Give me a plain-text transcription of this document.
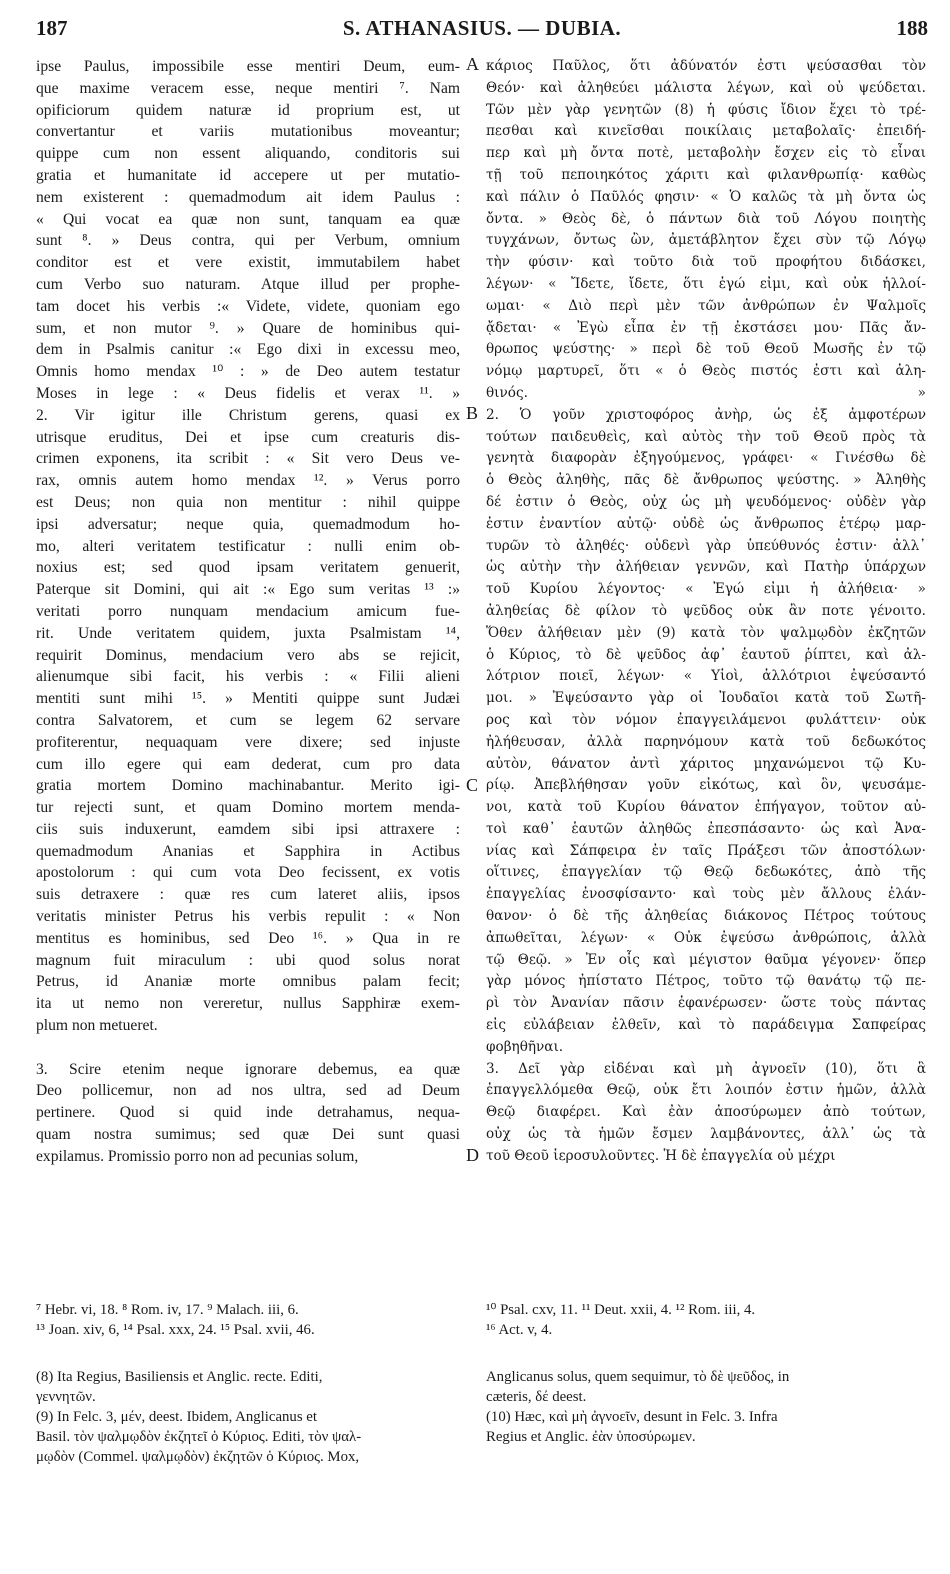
187	S. ATHANASIUS. — DUBIA.	188
ipse Paulus, impossibile esse mentiri Deum, eum-
que maxime veracem esse, neque mentiri ⁷. Nam
opificiorum quidem naturæ id proprium est, ut
convertantur et variis mutationibus moveantur;
quippe cum non essent aliquando, conditoris sui
gratia et humanitate id accepere ut per mutatio-
nem existerent : quemadmodum ait idem Paulus :
« Qui vocat ea quæ non sunt, tanquam ea quæ
sunt ⁸. » Deus contra, qui per Verbum, omnium
conditor est et vere existit, immutabilem habet
cum Verbo suo naturam. Atque illud per prophe-
tam docet his verbis :« Videte, videte, quoniam ego
sum, et non mutor ⁹. » Quare de hominibus qui-
dem in Psalmis canitur :« Ego dixi in excessu meo,
Omnis homo mendax ¹⁰ : » de Deo autem testatur
Moses in lege : « Deus fidelis et verax ¹¹. »
2. Vir igitur ille Christum gerens, quasi ex
utrisque eruditus, Dei et ipse cum creaturis dis-
crimen exponens, ita scribit : « Sit vero Deus ve-
rax, omnis autem homo mendax ¹². » Verus porro
est Deus; non quia non mentitur : nihil quippe
ipsi adversatur; neque quia, quemadmodum ho-
mo, alteri veritatem testificatur : nulli enim ob-
noxius est; sed quod ipsam veritatem genuerit,
Paterque sit Domini, qui ait :« Ego sum veritas ¹³ :»
veritati porro nunquam mendacium amicum fue-
rit. Unde veritatem quidem, juxta Psalmistam ¹⁴,
requirit Dominus, mendacium vero abs se rejicit,
alienumque sibi facit, his verbis : « Filii alieni
mentiti sunt mihi ¹⁵. » Mentiti quippe sunt Judæi
contra Salvatorem, et cum se legem 62 servare
profiterentur, nequaquam vere dixere; sed injuste
cum illo egere qui eam dederat, cum pro data
gratia mortem Domino machinabantur. Merito igi-
tur rejecti sunt, et quam Domino mortem menda-
ciis suis induxerunt, eamdem sibi ipsi attraxere :
quemadmodum Ananias et Sapphira in Actibus
apostolorum : qui cum vota Deo fecissent, ex votis
suis detraxere : quæ res cum lateret aliis, ipsos
veritatis minister Petrus his verbis repulit : « Non
mentitus es hominibus, sed Deo ¹⁶. » Qua in re
magnum fuit miraculum : ubi quod solus norat
Petrus, id Ananiæ morte omnibus palam fecit;
ita ut nemo non vereretur, nullus Sapphiræ exem-
plum non metueret.
3. Scire etenim neque ignorare debemus, ea quæ
Deo pollicemur, non ad nos ultra, sed ad Deum
pertinere. Quod si quid inde detrahamus, nequa-
quam nostra sumimus; sed quæ Dei sunt quasi
expilamus. Promissio porro non ad pecunias solum,
κάριος Παῦλος, ὅτι ἀδύνατόν ἐστι ψεύσασθαι τὸν
Θεόν· καὶ ἀληθεύει μάλιστα λέγων, καὶ οὐ ψεύδεται.
Τῶν μὲν γὰρ γενητῶν (8) ἡ φύσις ἴδιον ἔχει τὸ τρέ-
πεσθαι καὶ κινεῖσθαι ποικίλαις μεταβολαῖς· ἐπειδή-
περ καὶ μὴ ὄντα ποτὲ, μεταβολὴν ἔσχεν εἰς τὸ εἶναι
τῇ τοῦ πεποιηκότος χάριτι καὶ φιλανθρωπίᾳ· καθὼς
καὶ πάλιν ὁ Παῦλός φησιν· « Ὁ καλῶς τὰ μὴ ὄντα ὡς
ὄντα. » Θεὸς δὲ, ὁ πάντων διὰ τοῦ Λόγου ποιητὴς
τυγχάνων, ὄντως ὢν, ἀμετάβλητον ἔχει σὺν τῷ Λόγῳ
τὴν φύσιν· καὶ τοῦτο διὰ τοῦ προφήτου διδάσκει,
λέγων· « Ἴδετε, ἴδετε, ὅτι ἐγώ εἰμι, καὶ οὐκ ἠλλοί-
ωμαι· « Διὸ περὶ μὲν τῶν ἀνθρώπων ἐν Ψαλμοῖς
ᾄδεται· « Ἐγὼ εἶπα ἐν τῇ ἐκστάσει μου· Πᾶς ἄν-
θρωπος ψεύστης· » περὶ δὲ τοῦ Θεοῦ Μωσῆς ἐν τῷ
νόμῳ μαρτυρεῖ, ὅτι « ὁ Θεὸς πιστός ἐστι καὶ ἀλη-
θινός. »
2. Ὁ γοῦν χριστοφόρος ἀνὴρ, ὡς ἐξ ἀμφοτέρων
τούτων παιδευθεὶς, καὶ αὐτὸς τὴν τοῦ Θεοῦ πρὸς τὰ
γενητὰ διαφορὰν ἐξηγούμενος, γράφει· « Γινέσθω δὲ
ὁ Θεὸς ἀληθὴς, πᾶς δὲ ἄνθρωπος ψεύστης. » Ἀληθὴς
δέ ἐστιν ὁ Θεὸς, οὐχ ὡς μὴ ψευδόμενος· οὐδὲν γὰρ
ἐστιν ἐναντίον αὐτῷ· οὐδὲ ὡς ἄνθρωπος ἑτέρῳ μαρ-
τυρῶν τὸ ἀληθές· οὐδενὶ γὰρ ὑπεύθυνός ἐστιν· ἀλλ᾽
ὡς αὐτὴν τὴν ἀλήθειαν γεννῶν, καὶ Πατὴρ ὑπάρχων
τοῦ Κυρίου λέγοντος· « Ἐγώ εἰμι ἡ ἀλήθεια· »
ἀληθείας δὲ φίλον τὸ ψεῦδος οὐκ ἂν ποτε γένοιτο.
Ὅθεν ἀλήθειαν μὲν (9) κατὰ τὸν ψαλμῳδὸν ἐκζητῶν
ὁ Κύριος, τὸ δὲ ψεῦδος ἀφ᾽ ἑαυτοῦ ῥίπτει, καὶ ἀλ-
λότριον ποιεῖ, λέγων· « Υἱοὶ, ἀλλότριοι ἐψεύσαντό
μοι. » Ἐψεύσαντο γὰρ οἱ Ἰουδαῖοι κατὰ τοῦ Σωτῆ-
ρος καὶ τὸν νόμον ἐπαγγειλάμενοι φυλάττειν· οὐκ
ἠλήθευσαν, ἀλλὰ παρηνόμουν κατὰ τοῦ δεδωκότος
αὐτὸν, θάνατον ἀντὶ χάριτος μηχανώμενοι τῷ Κυ-
ρίῳ. Ἀπεβλήθησαν γοῦν εἰκότως, καὶ ὃν, ψευσάμε-
νοι, κατὰ τοῦ Κυρίου θάνατον ἐπήγαγον, τοῦτον αὐ-
τοὶ καθ᾽ ἑαυτῶν ἀληθῶς ἐπεσπάσαντο· ὡς καὶ Ἀνα-
νίας καὶ Σάπφειρα ἐν ταῖς Πράξεσι τῶν ἀποστόλων·
οἵτινες, ἐπαγγελίαν τῷ Θεῷ δεδωκότες, ἀπὸ τῆς
ἐπαγγελίας ἐνοσφίσαντο· καὶ τοὺς μὲν ἄλλους ἐλάν-
θανον· ὁ δὲ τῆς ἀληθείας διάκονος Πέτρος τούτους
ἀπωθεῖται, λέγων· « Οὐκ ἐψεύσω ἀνθρώποις, ἀλλὰ
τῷ Θεῷ. » Ἐν οἷς καὶ μέγιστον θαῦμα γέγονεν· ὅπερ
γὰρ μόνος ἠπίστατο Πέτρος, τοῦτο τῷ θανάτῳ τῷ πε-
ρὶ τὸν Ἀνανίαν πᾶσιν ἐφανέρωσεν· ὥστε τοὺς πάντας
εἰς εὐλάβειαν ἐλθεῖν, καὶ τὸ παράδειγμα Σαπφείρας
φοβηθῆναι.
3. Δεῖ γὰρ εἰδέναι καὶ μὴ ἀγνοεῖν (10), ὅτι ἃ
ἐπαγγελλόμεθα Θεῷ, οὐκ ἔτι λοιπόν ἐστιν ἡμῶν, ἀλλὰ
Θεῷ διαφέρει. Καὶ ἐὰν ἀποσύρωμεν ἀπὸ τούτων,
οὐχ ὡς τὰ ἡμῶν ἔσμεν λαμβάνοντες, ἀλλ᾽ ὡς τὰ
τοῦ Θεοῦ ἱεροσυλοῦντες. Ἡ δὲ ἐπαγγελία οὐ μέχρι
A
B
C
D
⁷ Hebr. vi, 18. ⁸ Rom. iv, 17. ⁹ Malach. iii, 6.
¹³ Joan. xiv, 6, ¹⁴ Psal. xxx, 24. ¹⁵ Psal. xvii, 46.
¹⁰ Psal. cxv, 11. ¹¹ Deut. xxii, 4. ¹² Rom. iii, 4.
¹⁶ Act. v, 4.
(8) Ita Regius, Basiliensis et Anglic. recte. Editi,
γεννητῶν.
(9) In Felc. 3, μέν, deest. Ibidem, Anglicanus et
Basil. τὸν ψαλμῳδὸν ἐκζητεῖ ὁ Κύριος. Editi, τὸν ψαλ-
μῳδὸν (Commel. ψαλμῳδὸν) ἐκζητῶν ὁ Κύριος. Mox,
Anglicanus solus, quem sequimur, τὸ δὲ ψεῦδος, in
cæteris, δέ deest.
(10) Hæc, καὶ μὴ ἀγνοεῖν, desunt in Felc. 3. Infra
Regius et Anglic. ἐὰν ὑποσύρωμεν.
